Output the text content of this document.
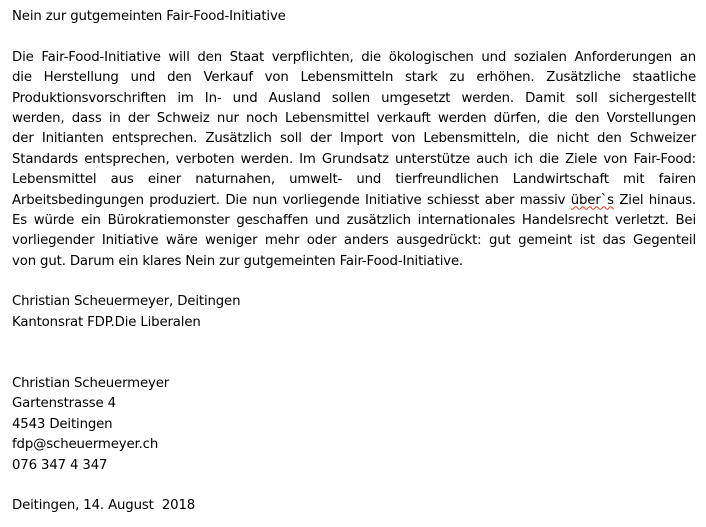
Nein zur gutgemeinten Fair-Food-Initiative
Die Fair-Food-Initiative will den Staat verpflichten, die ökologischen und sozialen Anforderungen an
die Herstellung und den Verkauf von Lebensmitteln stark zu erhöhen. Zusätzliche staatliche
Produktionsvorschriften im In- und Ausland sollen umgesetzt werden. Damit soll sichergestellt
werden, dass in der Schweiz nur noch Lebensmittel verkauft werden dürfen, die den Vorstellungen
der Initianten entsprechen. Zusätzlich soll der Import von Lebensmitteln, die nicht den Schweizer
Standards entsprechen, verboten werden. Im Grundsatz unterstütze auch ich die Ziele von Fair-Food:
Lebensmittel aus einer naturnahen, umwelt- und tierfreundlichen Landwirtschaft mit fairen
Arbeitsbedingungen produziert. Die nun vorliegende Initiative schiesst aber massiv über`s Ziel hinaus.
Es würde ein Bürokratiemonster geschaffen und zusätzlich internationales Handelsrecht verletzt. Bei
vorliegender Initiative wäre weniger mehr oder anders ausgedrückt: gut gemeint ist das Gegenteil
von gut. Darum ein klares Nein zur gutgemeinten Fair-Food-Initiative.
Christian Scheuermeyer, Deitingen
Kantonsrat FDP.Die Liberalen
Christian Scheuermeyer
Gartenstrasse 4
4543 Deitingen
fdp@scheuermeyer.ch
076 347 4 347
Deitingen, 14. August  2018
